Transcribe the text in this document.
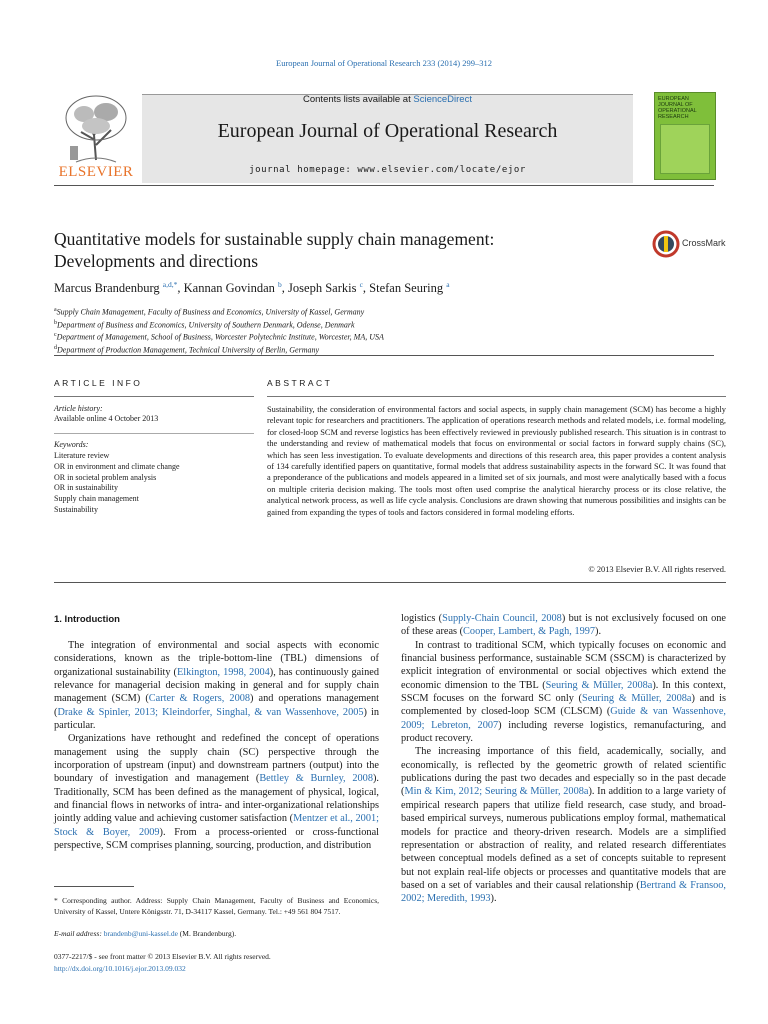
European Journal of Operational Research 233 (2014) 299–312
ELSEVIER
Contents lists available at ScienceDirect
European Journal of Operational Research
journal homepage: www.elsevier.com/locate/ejor
EUROPEAN JOURNAL OF OPERATIONAL RESEARCH
Quantitative models for sustainable supply chain management:
Developments and directions
CrossMark
Marcus Brandenburg $^{a,d,*}$, Kannan Govindan $^b$, Joseph Sarkis $^c$, Stefan Seuring $^a$
$^a$Supply Chain Management, Faculty of Business and Economics, University of Kassel, Germany
$^b$Department of Business and Economics, University of Southern Denmark, Odense, Denmark
$^c$Department of Management, School of Business, Worcester Polytechnic Institute, Worcester, MA, USA
$^d$Department of Production Management, Technical University of Berlin, Germany
ARTICLE INFO	ABSTRACT
Article history:
Available online 4 October 2013
Keywords:
Literature review
OR in environment and climate change
OR in societal problem analysis
OR in sustainability
Supply chain management
Sustainability

Sustainability, the consideration of environmental factors and social aspects, in supply chain management (SCM) has become a highly relevant topic for researchers and practitioners. The application of operations research methods and related models, i.e. formal modeling, for closed-loop SCM and reverse logistics has been effectively reviewed in previously published research. This situation is in contrast to the understanding and review of mathematical models that focus on environmental or social factors in forward supply chains (SC), which has seen less investigation. To evaluate developments and directions of this research area, this paper provides a content analysis of 134 carefully identified papers on quantitative, formal models that address sustainability aspects in the forward SC. It was found that a preponderance of the publications and models appeared in a limited set of six journals, and most were analytically based with a focus on multiple criteria decision making. The tools most often used comprise the analytical hierarchy process or its close relative, the analytical network process, as well as life cycle analysis. Conclusions are drawn showing that numerous possibilities and insights can be gained from expanding the types of tools and factors considered in formal modeling efforts.

© 2013 Elsevier B.V. All rights reserved.
1. Introduction

The integration of environmental and social aspects with economic considerations, known as the triple-bottom-line (TBL) dimensions of organizational sustainability (Elkington, 1998, 2004), has continuously gained relevance for managerial decision making in general and for supply chain management (SCM) (Carter & Rogers, 2008) and operations management (Drake & Spinler, 2013; Kleindorfer, Singhal, & van Wassenhove, 2005) in particular.

Organizations have rethought and redefined the concept of operations management using the supply chain (SC) perspective through the incorporation of upstream (input) and downstream partners (output) into the boundary of investigation and management (Bettley & Burnley, 2008). Traditionally, SCM has been defined as the management of physical, logical, and financial flows in networks of intra- and inter-organizational relationships jointly adding value and achieving customer satisfaction (Mentzer et al., 2001; Stock & Boyer, 2009). From a process-oriented or cross-functional perspective, SCM comprises planning, sourcing, production, and distribution

logistics (Supply-Chain Council, 2008) but is not exclusively focused on one of these areas (Cooper, Lambert, & Pagh, 1997).

In contrast to traditional SCM, which typically focuses on economic and financial business performance, sustainable SCM (SSCM) is characterized by explicit integration of environmental or social objectives which extend the economic dimension to the TBL (Seuring & Müller, 2008a). In this context, SSCM focuses on the forward SC only (Seuring & Müller, 2008a) and is complemented by closed-loop SCM (CLSCM) (Guide & van Wassenhove, 2009; Lebreton, 2007) including reverse logistics, remanufacturing, and product recovery.

The increasing importance of this field, academically, socially, and economically, is reflected by the geometric growth of related scientific publications during the past two decades and especially so in the past decade (Min & Kim, 2012; Seuring & Müller, 2008a). In addition to a large variety of empirical research papers that utilize field research, case study, and broad-based empirical surveys, numerous publications employ formal, mathematical models for practice and theory-driven research. Models are a simplified representation or abstraction of reality, and related research differentiates between conceptual models defined as a set of concepts suitable to represent but not explain real-life objects or processes and quantitative models that are based on a set of variables and their causal relationship (Bertrand & Fransoo, 2002; Meredith, 1993).

* Corresponding author. Address: Supply Chain Management, Faculty of Business and Economics, University of Kassel, Untere Königsstr. 71, D-34117 Kassel, Germany. Tel.: +49 561 804 7517.
E-mail address: brandenb@uni-kassel.de (M. Brandenburg).
0377-2217/$ - see front matter © 2013 Elsevier B.V. All rights reserved.
http://dx.doi.org/10.1016/j.ejor.2013.09.032
